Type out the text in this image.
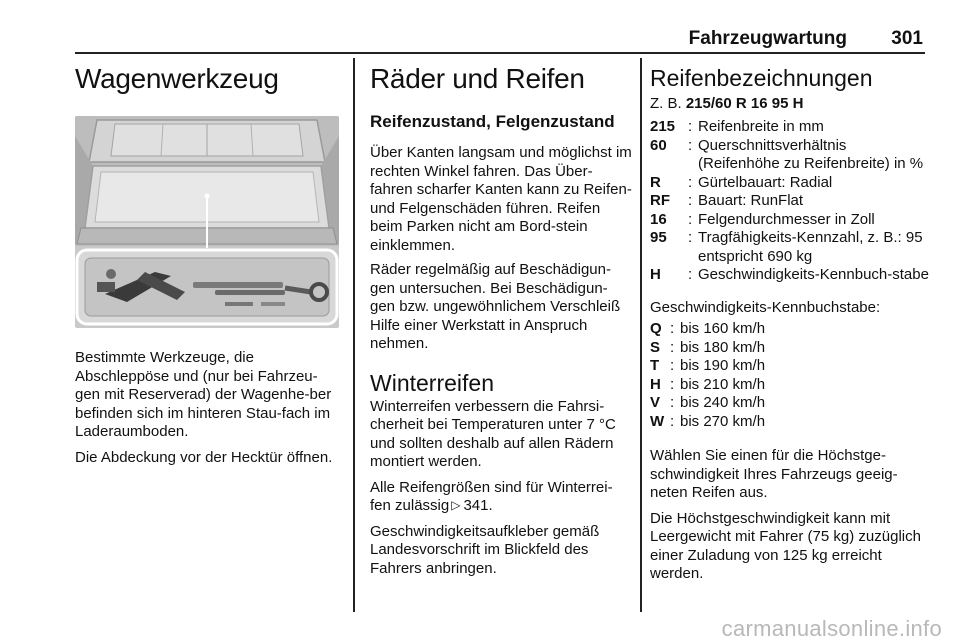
Fahrzeugwartung 301
Wagenwerkzeug

Bestimmte Werkzeuge, die Abschleppöse und (nur bei Fahrzeu-gen mit Reserverad) der Wagenhe-ber befinden sich im hinteren Stau-fach im Laderaumboden.

Die Abdeckung vor der Hecktür öffnen.

Räder und Reifen
Reifenzustand, Felgenzustand

Über Kanten langsam und möglichst im rechten Winkel fahren. Das Über-fahren scharfer Kanten kann zu Reifen- und Felgenschäden führen. Reifen beim Parken nicht am Bord-stein einklemmen.

Räder regelmäßig auf Beschädigun-gen untersuchen. Bei Beschädigun-gen bzw. ungewöhnlichem Verschleiß Hilfe einer Werkstatt in Anspruch nehmen.

Winterreifen

Winterreifen verbessern die Fahrsi-cherheit bei Temperaturen unter 7 °C und sollten deshalb auf allen Rädern montiert werden.

Alle Reifengrößen sind für Winterrei-fen zulässig ▷ 341.

Geschwindigkeitsaufkleber gemäß Landesvorschrift im Blickfeld des Fahrers anbringen.

Reifenbezeichnungen

Z. B. 215/60 R 16 95 H

215 : Reifenbreite in mm
60	: Querschnittsverhältnis (Reifenhöhe zu Reifenbreite) in %
R	: Gürtelbauart: Radial
RF	: Bauart: RunFlat
16	: Felgendurchmesser in Zoll
95	: Tragfähigkeits-Kennzahl, z. B.: 95 entspricht 690 kg
H	: Geschwindigkeits-Kennbuch-stabe

Geschwindigkeits-Kennbuchstabe:

Q : bis 160 km/h
S : bis 180 km/h
T : bis 190 km/h
H : bis 210 km/h
V : bis 240 km/h
W : bis 270 km/h

Wählen Sie einen für die Höchstge-schwindigkeit Ihres Fahrzeugs geeig-neten Reifen aus.

Die Höchstgeschwindigkeit kann mit Leergewicht mit Fahrer (75 kg) zuzüglich einer Zuladung von 125 kg erreicht werden.

carmanualsonline.info
